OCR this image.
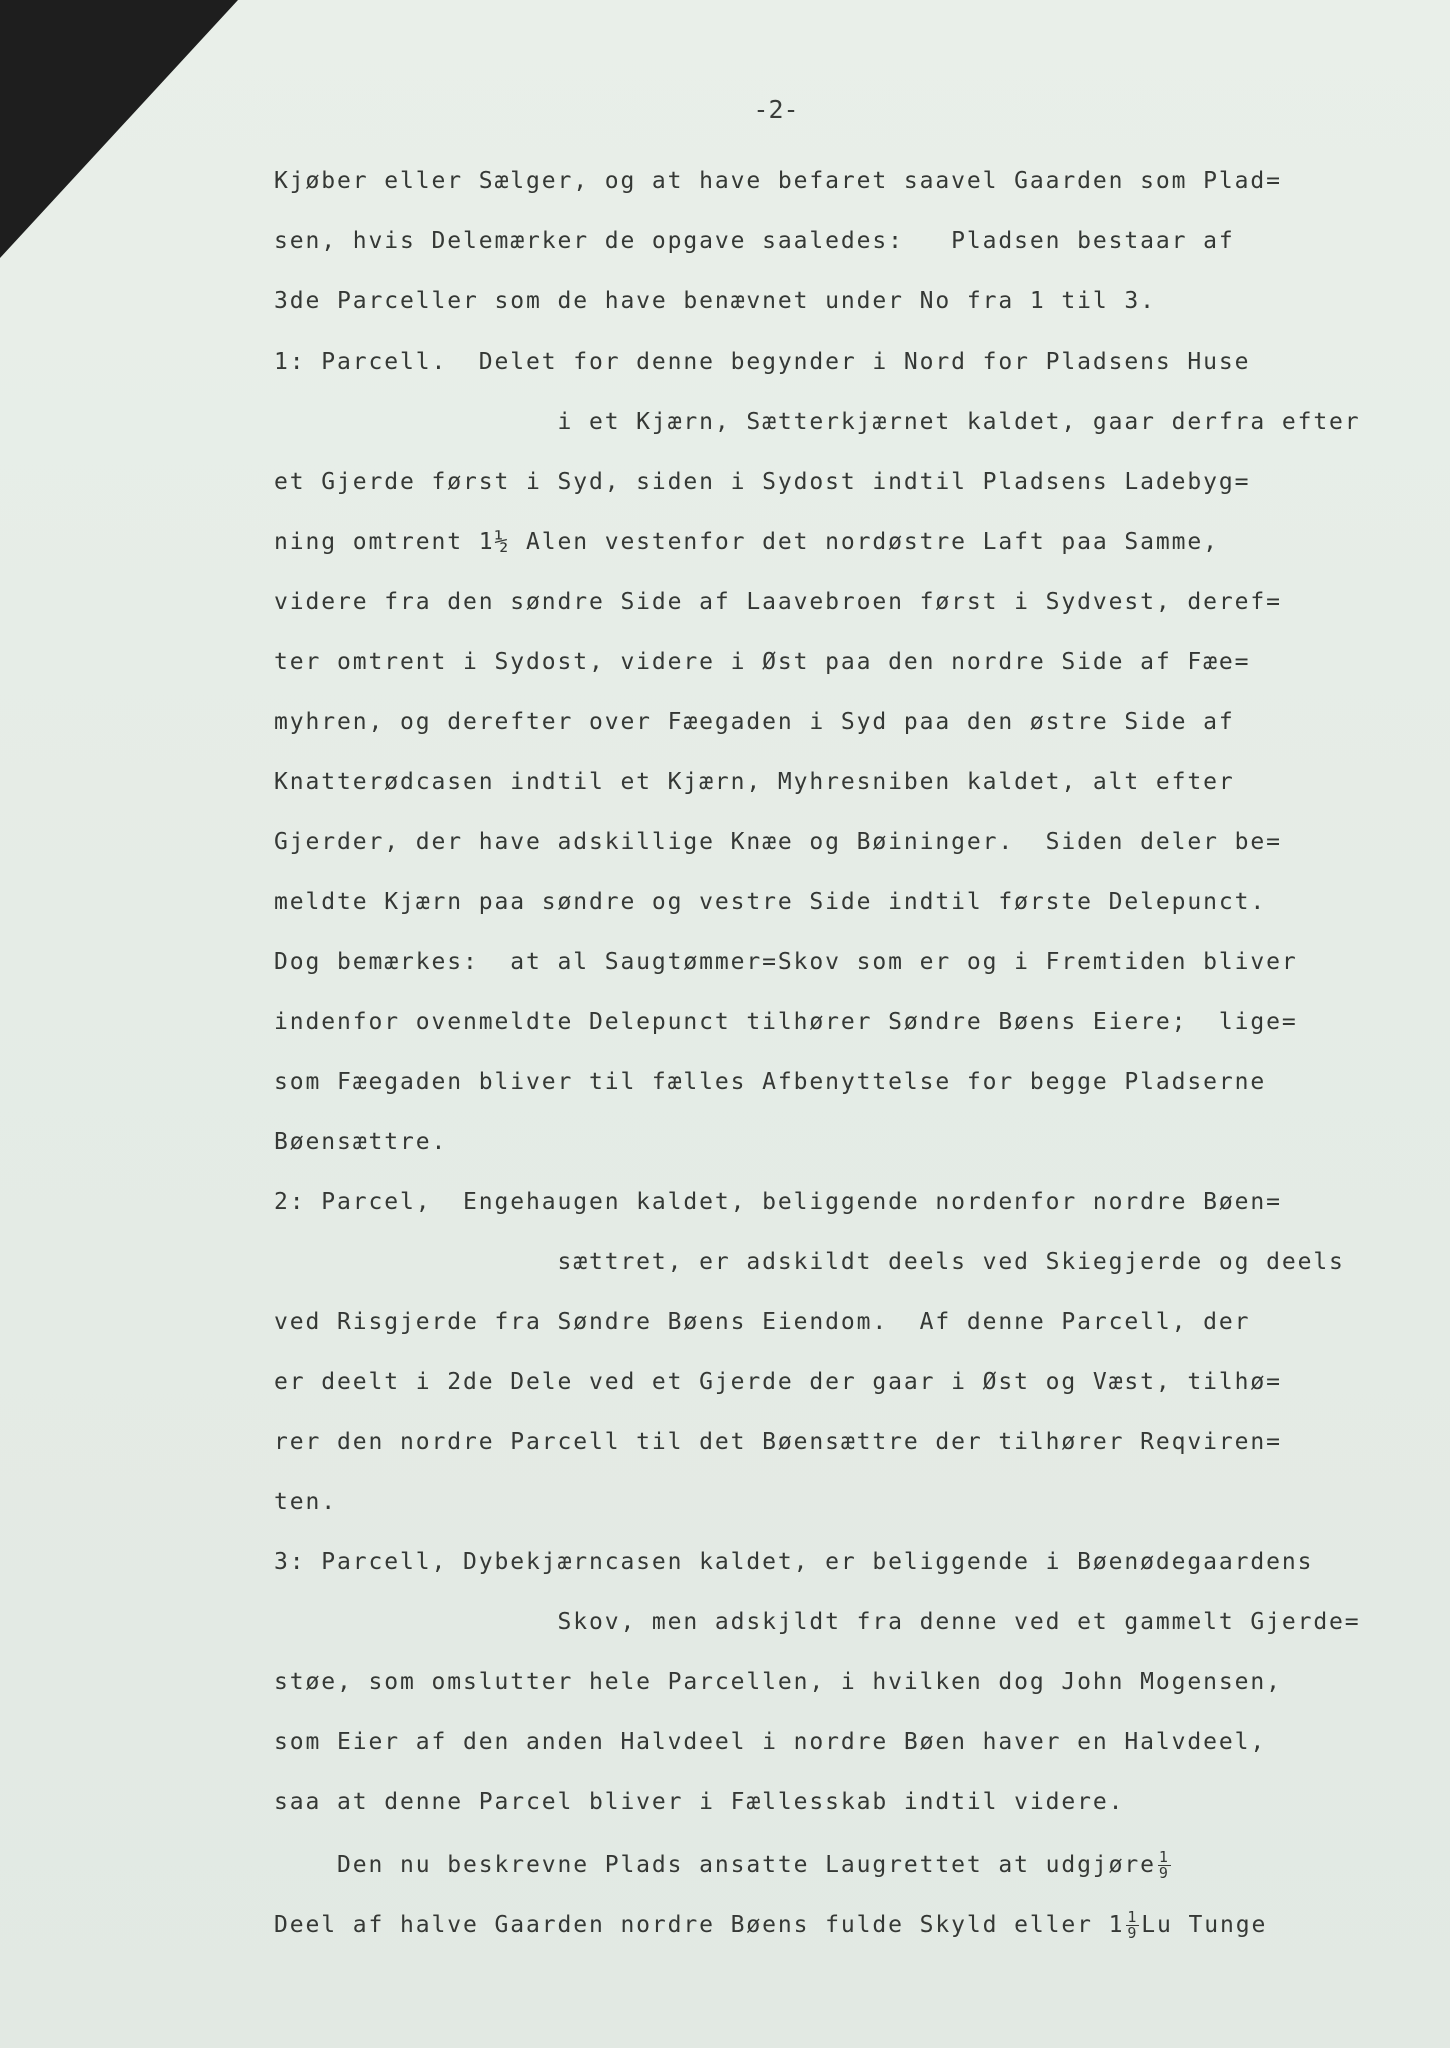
-2-
Kjøber eller Sælger, og at have befaret saavel Gaarden som Plad=
sen, hvis Delemærker de opgave saaledes:   Pladsen bestaar af
3de Parceller som de have benævnet under No fra 1 til 3.
1: Parcell.  Delet for denne begynder i Nord for Pladsens Huse
i et Kjærn, Sætterkjærnet kaldet, gaar derfra efter
et Gjerde først i Syd, siden i Sydost indtil Pladsens Ladebyg=
ning omtrent 1½ Alen vestenfor det nordøstre Laft paa Samme,
videre fra den søndre Side af Laavebroen først i Sydvest, deref=
ter omtrent i Sydost, videre i Øst paa den nordre Side af Fæe=
myhren, og derefter over Fæegaden i Syd paa den østre Side af
Knatterødcasen indtil et Kjærn, Myhresniben kaldet, alt efter
Gjerder, der have adskillige Knæe og Bøininger.  Siden deler be=
meldte Kjærn paa søndre og vestre Side indtil første Delepunct.
Dog bemærkes:  at al Saugtømmer=Skov som er og i Fremtiden bliver
indenfor ovenmeldte Delepunct tilhører Søndre Bøens Eiere;  lige=
som Fæegaden bliver til fælles Afbenyttelse for begge Pladserne
Bøensættre.
2: Parcel,  Engehaugen kaldet, beliggende nordenfor nordre Bøen=
sættret, er adskildt deels ved Skiegjerde og deels
ved Risgjerde fra Søndre Bøens Eiendom.  Af denne Parcell, der
er deelt i 2de Dele ved et Gjerde der gaar i Øst og Væst, tilhø=
rer den nordre Parcell til det Bøensættre der tilhører Reqviren=
ten.
3: Parcell, Dybekjærncasen kaldet, er beliggende i Bøenødegaardens
Skov, men adskjldt fra denne ved et gammelt Gjerde=
støe, som omslutter hele Parcellen, i hvilken dog John Mogensen,
som Eier af den anden Halvdeel i nordre Bøen haver en Halvdeel,
saa at denne Parcel bliver i Fællesskab indtil videre.
Den nu beskrevne Plads ansatte Laugrettet at udgjøre $\frac{1}{9}$
Deel af halve Gaarden nordre Bøens fulde Skyld eller $1 \frac{1}{9}$ Lu Tunge
